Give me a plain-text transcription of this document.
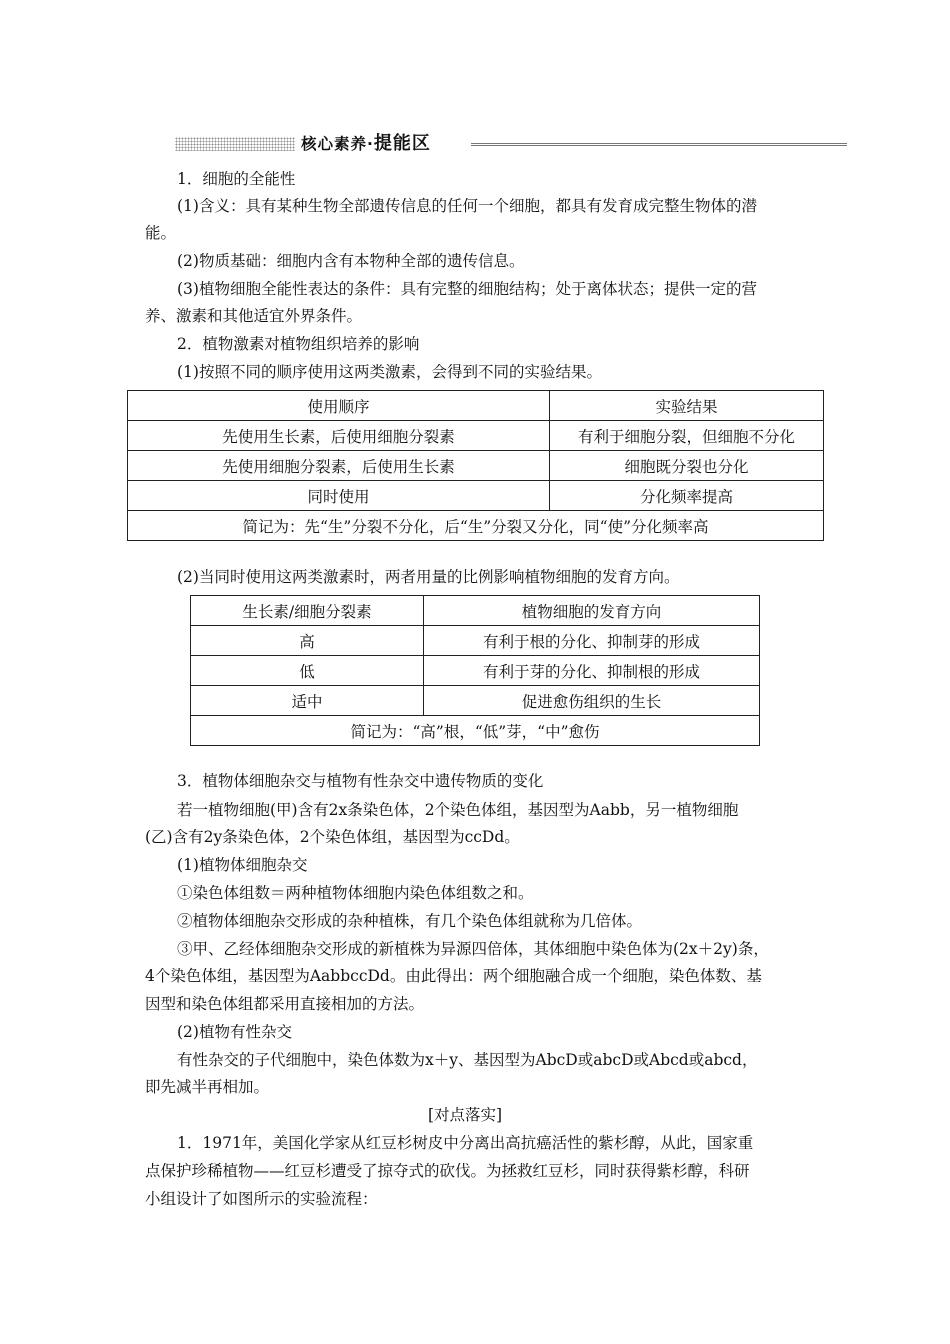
核心素养·提能区
1．细胞的全能性
(1)含义：具有某种生物全部遗传信息的任何一个细胞，都具有发育成完整生物体的潜
能。
(2)物质基础：细胞内含有本物种全部的遗传信息。
(3)植物细胞全能性表达的条件：具有完整的细胞结构；处于离体状态；提供一定的营
养、激素和其他适宜外界条件。
2．植物激素对植物组织培养的影响
(1)按照不同的顺序使用这两类激素，会得到不同的实验结果。
使用顺序	实验结果
先使用生长素，后使用细胞分裂素	有利于细胞分裂，但细胞不分化
先使用细胞分裂素，后使用生长素	细胞既分裂也分化
同时使用	分化频率提高
简记为：先“生”分裂不分化，后“生”分裂又分化，同“使”分化频率高	
(2)当同时使用这两类激素时，两者用量的比例影响植物细胞的发育方向。
生长素/细胞分裂素	植物细胞的发育方向
高	有利于根的分化、抑制芽的形成
低	有利于芽的分化、抑制根的形成
适中	促进愈伤组织的生长
简记为：“高”根，“低”芽，“中”愈伤	
3．植物体细胞杂交与植物有性杂交中遗传物质的变化
若一植物细胞(甲)含有2x条染色体，2个染色体组，基因型为Aabb，另一植物细胞
(乙)含有2y条染色体，2个染色体组，基因型为ccDd。
(1)植物体细胞杂交
①染色体组数＝两种植物体细胞内染色体组数之和。
②植物体细胞杂交形成的杂种植株，有几个染色体组就称为几倍体。
③甲、乙经体细胞杂交形成的新植株为异源四倍体，其体细胞中染色体为(2x＋2y)条，
4个染色体组，基因型为AabbccDd。由此得出：两个细胞融合成一个细胞，染色体数、基
因型和染色体组都采用直接相加的方法。
(2)植物有性杂交
有性杂交的子代细胞中，染色体数为x＋y、基因型为AbcD或abcD或Abcd或abcd，
即先减半再相加。
[对点落实]
1．1971年，美国化学家从红豆杉树皮中分离出高抗癌活性的紫杉醇，从此，国家重
点保护珍稀植物——红豆杉遭受了掠夺式的砍伐。为拯救红豆杉，同时获得紫杉醇，科研
小组设计了如图所示的实验流程：
